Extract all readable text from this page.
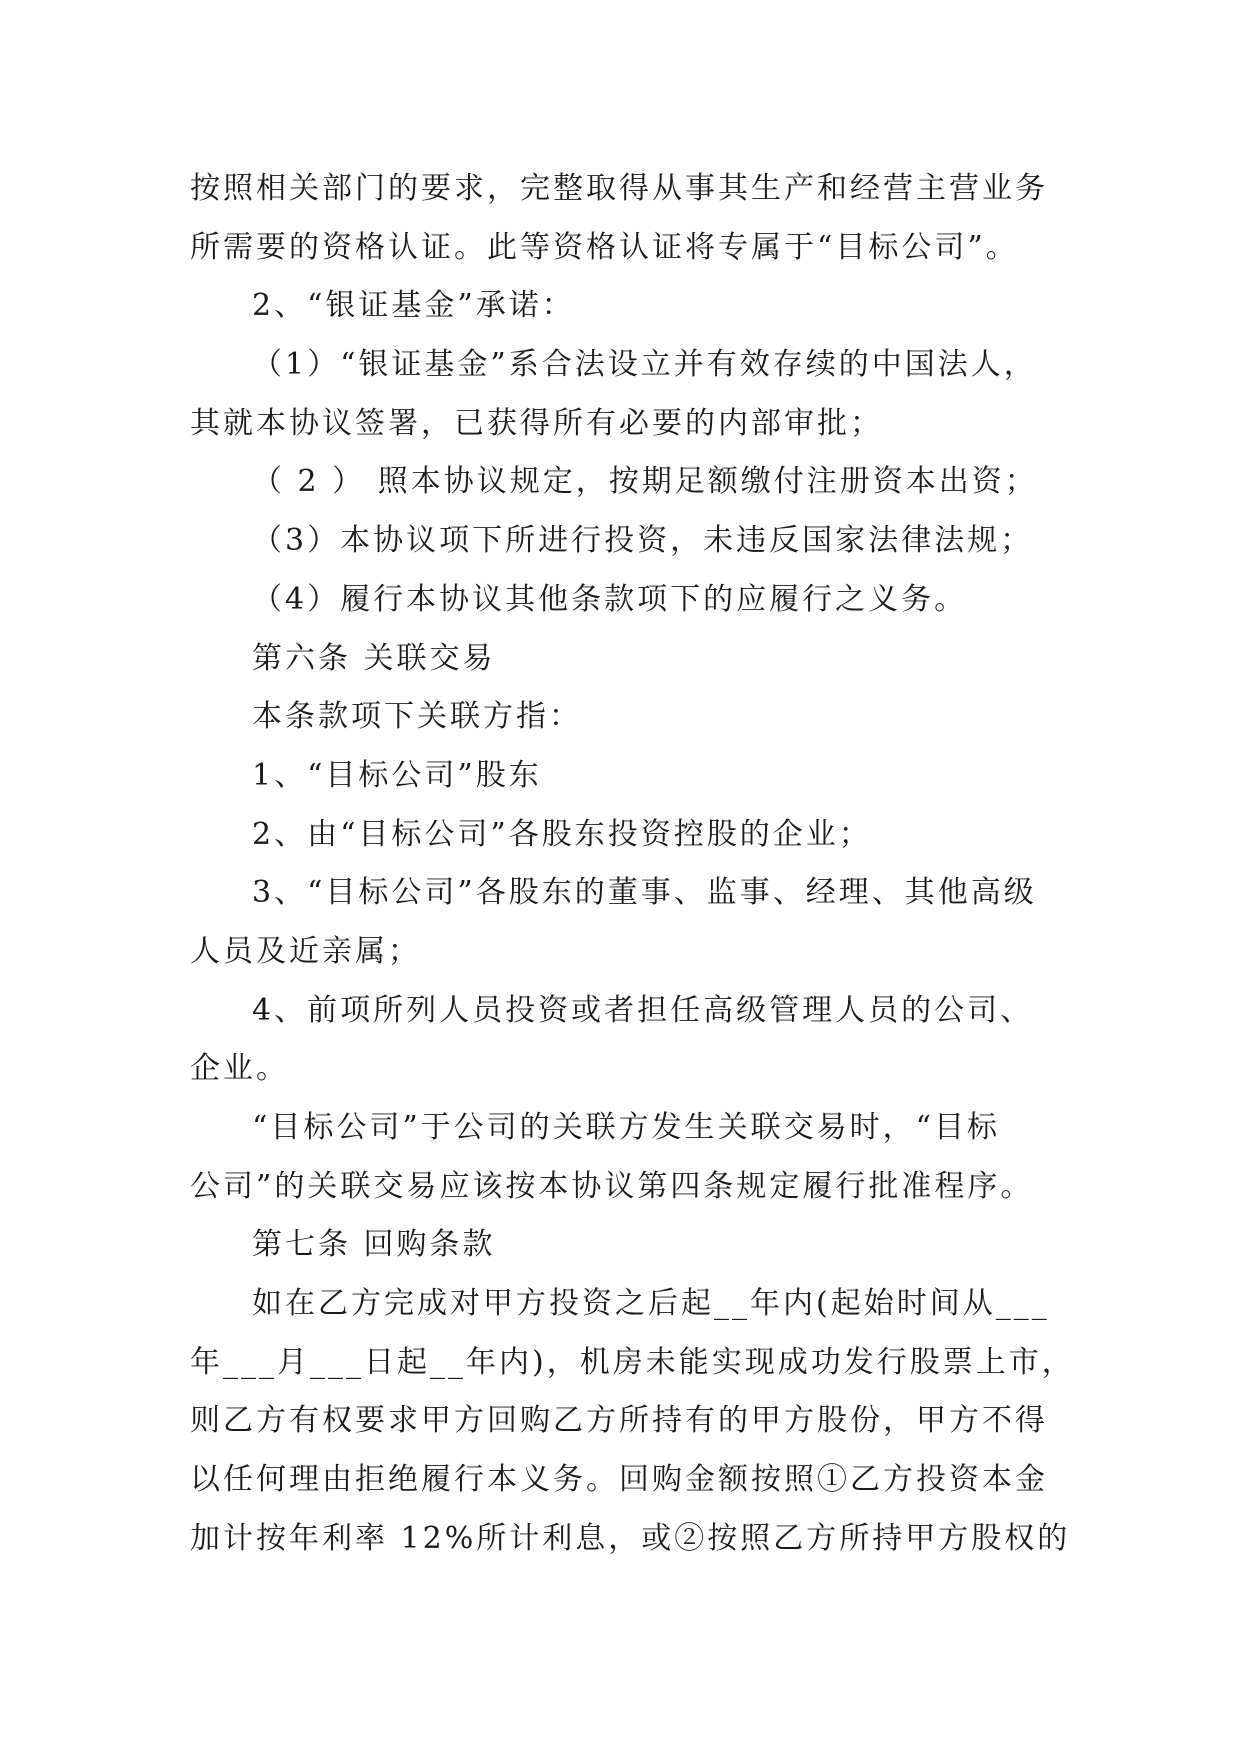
按照相关部门的要求，完整取得从事其生产和经营主营业务
所需要的资格认证。此等资格认证将专属于“目标公司”。
2、“银证基金”承诺：
（1）“银证基金”系合法设立并有效存续的中国法人，
其就本协议签署，已获得所有必要的内部审批；
（ 2 ） 照本协议规定，按期足额缴付注册资本出资；
（3）本协议项下所进行投资，未违反国家法律法规；
（4）履行本协议其他条款项下的应履行之义务。
第六条 关联交易
本条款项下关联方指：
1、“目标公司”股东
2、由“目标公司”各股东投资控股的企业；
3、“目标公司”各股东的董事、监事、经理、其他高级
人员及近亲属；
4、前项所列人员投资或者担任高级管理人员的公司、
企业。
“目标公司”于公司的关联方发生关联交易时，“目标
公司”的关联交易应该按本协议第四条规定履行批准程序。
第七条 回购条款
如在乙方完成对甲方投资之后起__年内(起始时间从___
年___月___日起__年内)，机房未能实现成功发行股票上市，
则乙方有权要求甲方回购乙方所持有的甲方股份，甲方不得
以任何理由拒绝履行本义务。回购金额按照①乙方投资本金
加计按年利率 12%所计利息，或②按照乙方所持甲方股权的
